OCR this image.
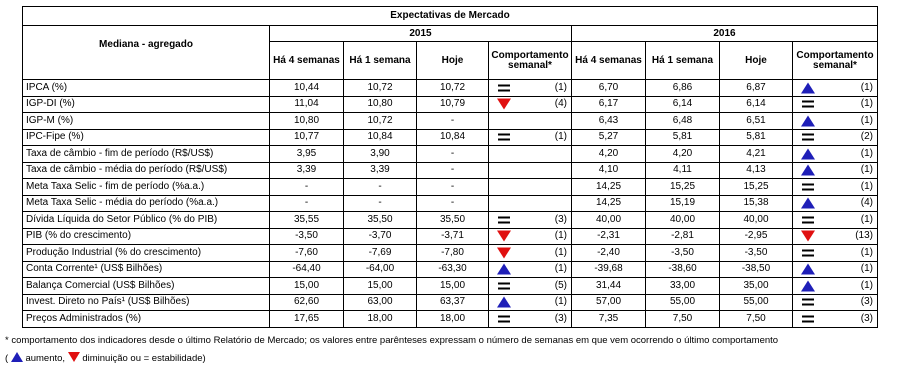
Expectativas de Mercado								
Mediana - agregado	2015				2016			
	Há 4 semanas	Há 1 semana	Hoje	Comportamento semanal*	Há 4 semanas	Há 1 semana	Hoje	Comportamento semanal*
IPCA (%)	10,44	10,72	10,72	(1)	6,70	6,86	6,87	(1)

IGP-DI (%)	11,04	10,80	10,79	(4)	6,17	6,14	6,14	(1)

IGP-M (%)	10,80	10,72	-		6,43	6,48	6,51	(1)

IPC-Fipe (%)	10,77	10,84	10,84	(1)	5,27	5,81	5,81	(2)

Taxa de câmbio - fim de período (R$/US$)	3,95	3,90	-		4,20	4,20	4,21	(1)

Taxa de câmbio - média do período (R$/US$)	3,39	3,39	-		4,10	4,11	4,13	(1)

Meta Taxa Selic - fim de período (%a.a.)	-	-	-		14,25	15,25	15,25	(1)

Meta Taxa Selic - média do período (%a.a.)	-	-	-		14,25	15,19	15,38	(4)

Dívida Líquida do Setor Público (% do PIB)	35,55	35,50	35,50	(3)	40,00	40,00	40,00	(1)

PIB (% do crescimento)	-3,50	-3,70	-3,71	(1)	-2,31	-2,81	-2,95	(13)

Produção Industrial (% do crescimento)	-7,60	-7,69	-7,80	(1)	-2,40	-3,50	-3,50	(1)

Conta Corrente¹ (US$ Bilhões)	-64,40	-64,00	-63,30	(1)	-39,68	-38,60	-38,50	(1)

Balança Comercial (US$ Bilhões)	15,00	15,00	15,00	(5)	31,44	33,00	35,00	(1)

Invest. Direto no País¹ (US$ Bilhões)	62,60	63,00	63,37	(1)	57,00	55,00	55,00	(3)

Preços Administrados (%)	17,65	18,00	18,00	(3)	7,35	7,50	7,50	(3)
* comportamento dos indicadores desde o último Relatório de Mercado; os valores entre parênteses expressam o número de semanas em que vem ocorrendo o último comportamento
( aumento, diminuição ou = estabilidade)
